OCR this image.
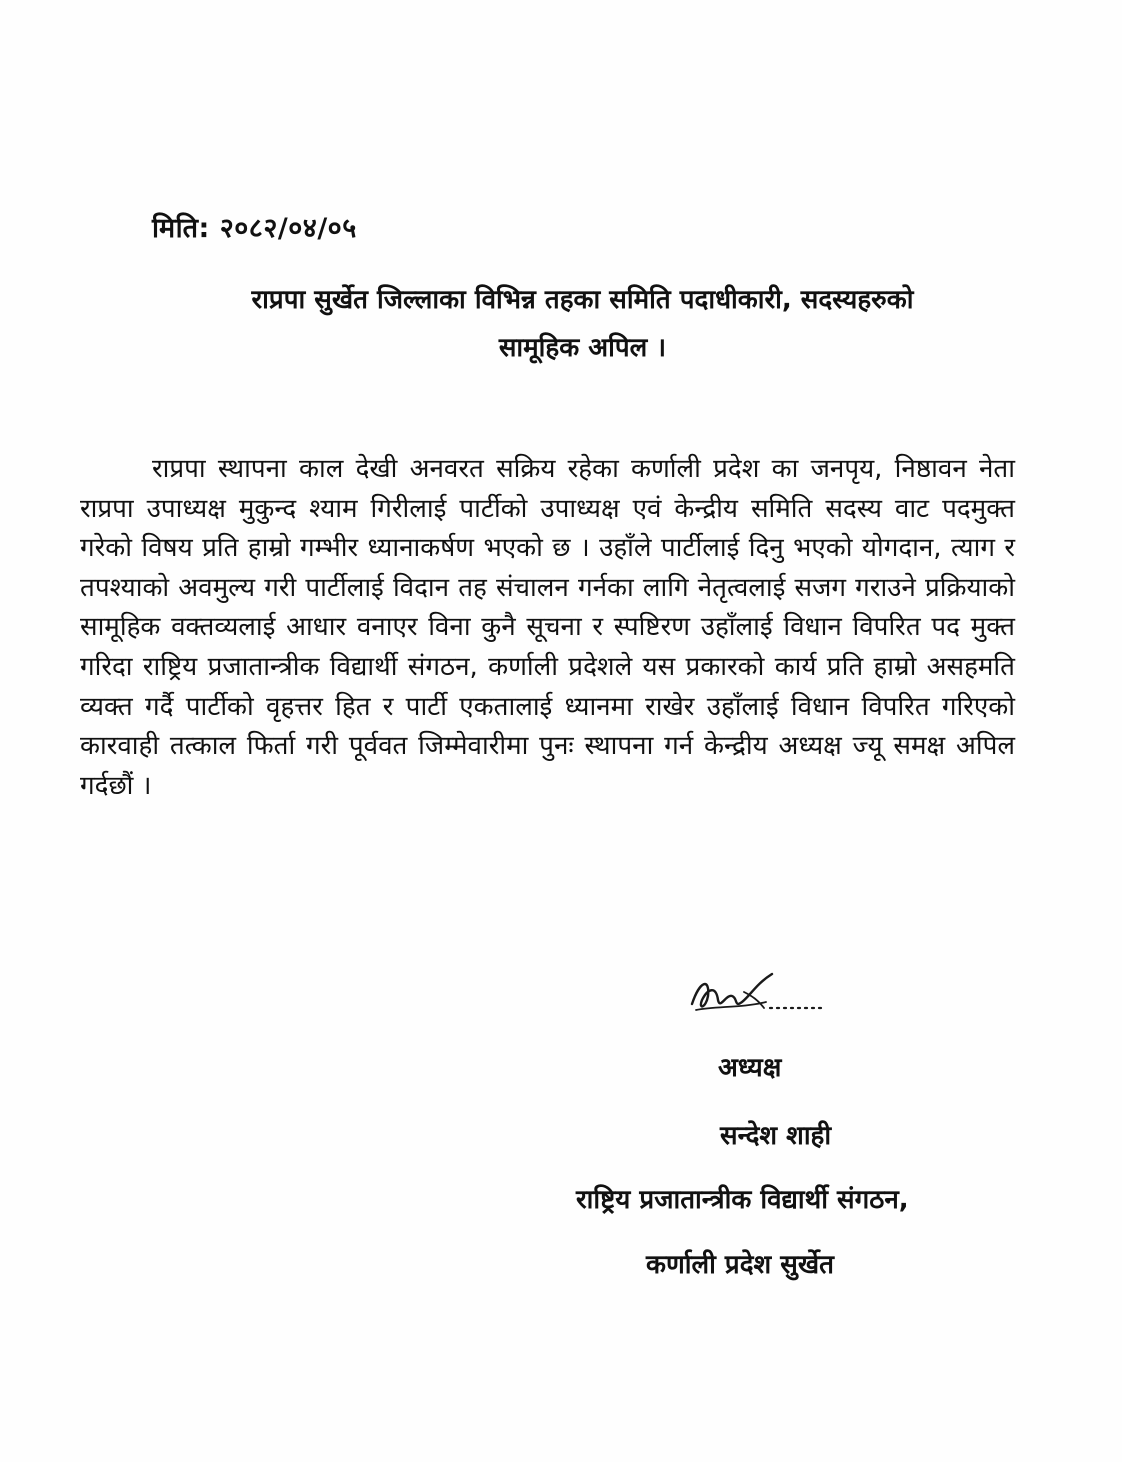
मिति: २०८२/०४/०५
राप्रपा सुर्खेत जिल्लाका विभिन्न तहका समिति पदाधीकारी, सदस्यहरुको
सामूहिक अपिल ।

राप्रपा स्थापना काल देखी अनवरत सक्रिय रहेका कर्णाली प्रदेश का जनपृय, निष्ठावन नेता राप्रपा उपाध्यक्ष मुकुन्द श्याम गिरीलाई पार्टीको उपाध्यक्ष एवं केन्द्रीय समिति सदस्य वाट पदमुक्त गरेको विषय प्रति हाम्रो गम्भीर ध्यानाकर्षण भएको छ । उहाँले पार्टीलाई दिनु भएको योगदान, त्याग र तपश्याको अवमुल्य गरी पार्टीलाई विदान तह संचालन गर्नका लागि नेतृत्वलाई सजग गराउने प्रक्रियाको सामूहिक वक्तव्यलाई आधार वनाएर विना कुनै सूचना र स्पष्टिरण उहाँलाई विधान विपरित पद मुक्त गरिदा राष्ट्रिय प्रजातान्त्रीक विद्यार्थी संगठन, कर्णाली प्रदेशले यस प्रकारको कार्य प्रति हाम्रो असहमति व्यक्त गर्दै पार्टीको वृहत्तर हित र पार्टी एकतालाई ध्यानमा राखेर उहाँलाई विधान विपरित गरिएको कारवाही तत्काल फिर्ता गरी पूर्ववत जिम्मेवारीमा पुनः स्थापना गर्न केन्द्रीय अध्यक्ष ज्यू समक्ष अपिल गर्दछौं ।

अध्यक्ष
सन्देश शाही
राष्ट्रिय प्रजातान्त्रीक विद्यार्थी संगठन,
कर्णाली प्रदेश सुर्खेत
